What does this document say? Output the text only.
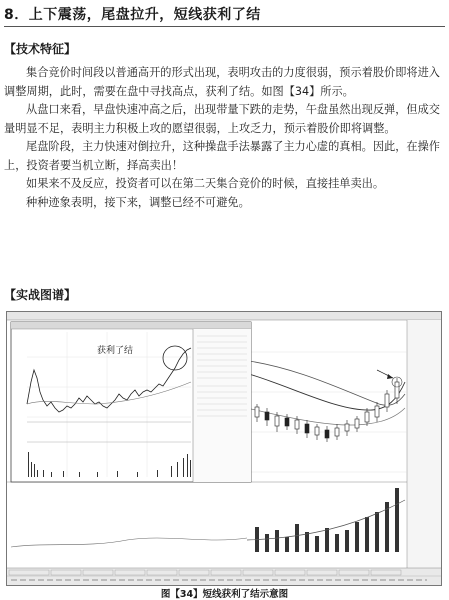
8．上下震荡，尾盘拉升，短线获利了结
【技术特征】

集合竞价时间段以普通高开的形式出现，表明攻击的力度很弱，预示着股价即将进入调整周期，此时，需要在盘中寻找高点，获利了结。如图【34】所示。

从盘口来看，早盘快速冲高之后，出现带量下跌的走势，午盘虽然出现反弹，但成交量明显不足，表明主力积极上攻的愿望很弱，上攻乏力，预示着股价即将调整。

尾盘阶段，主力快速对倒拉升，这种操盘手法暴露了主力心虚的真相。因此，在操作上，投资者要当机立断，择高卖出！

如果来不及反应，投资者可以在第二天集合竞价的时候，直接挂单卖出。

种种迹象表明，接下来，调整已经不可避免。

【实战图谱】
获利了结
图【34】短线获利了结示意图
